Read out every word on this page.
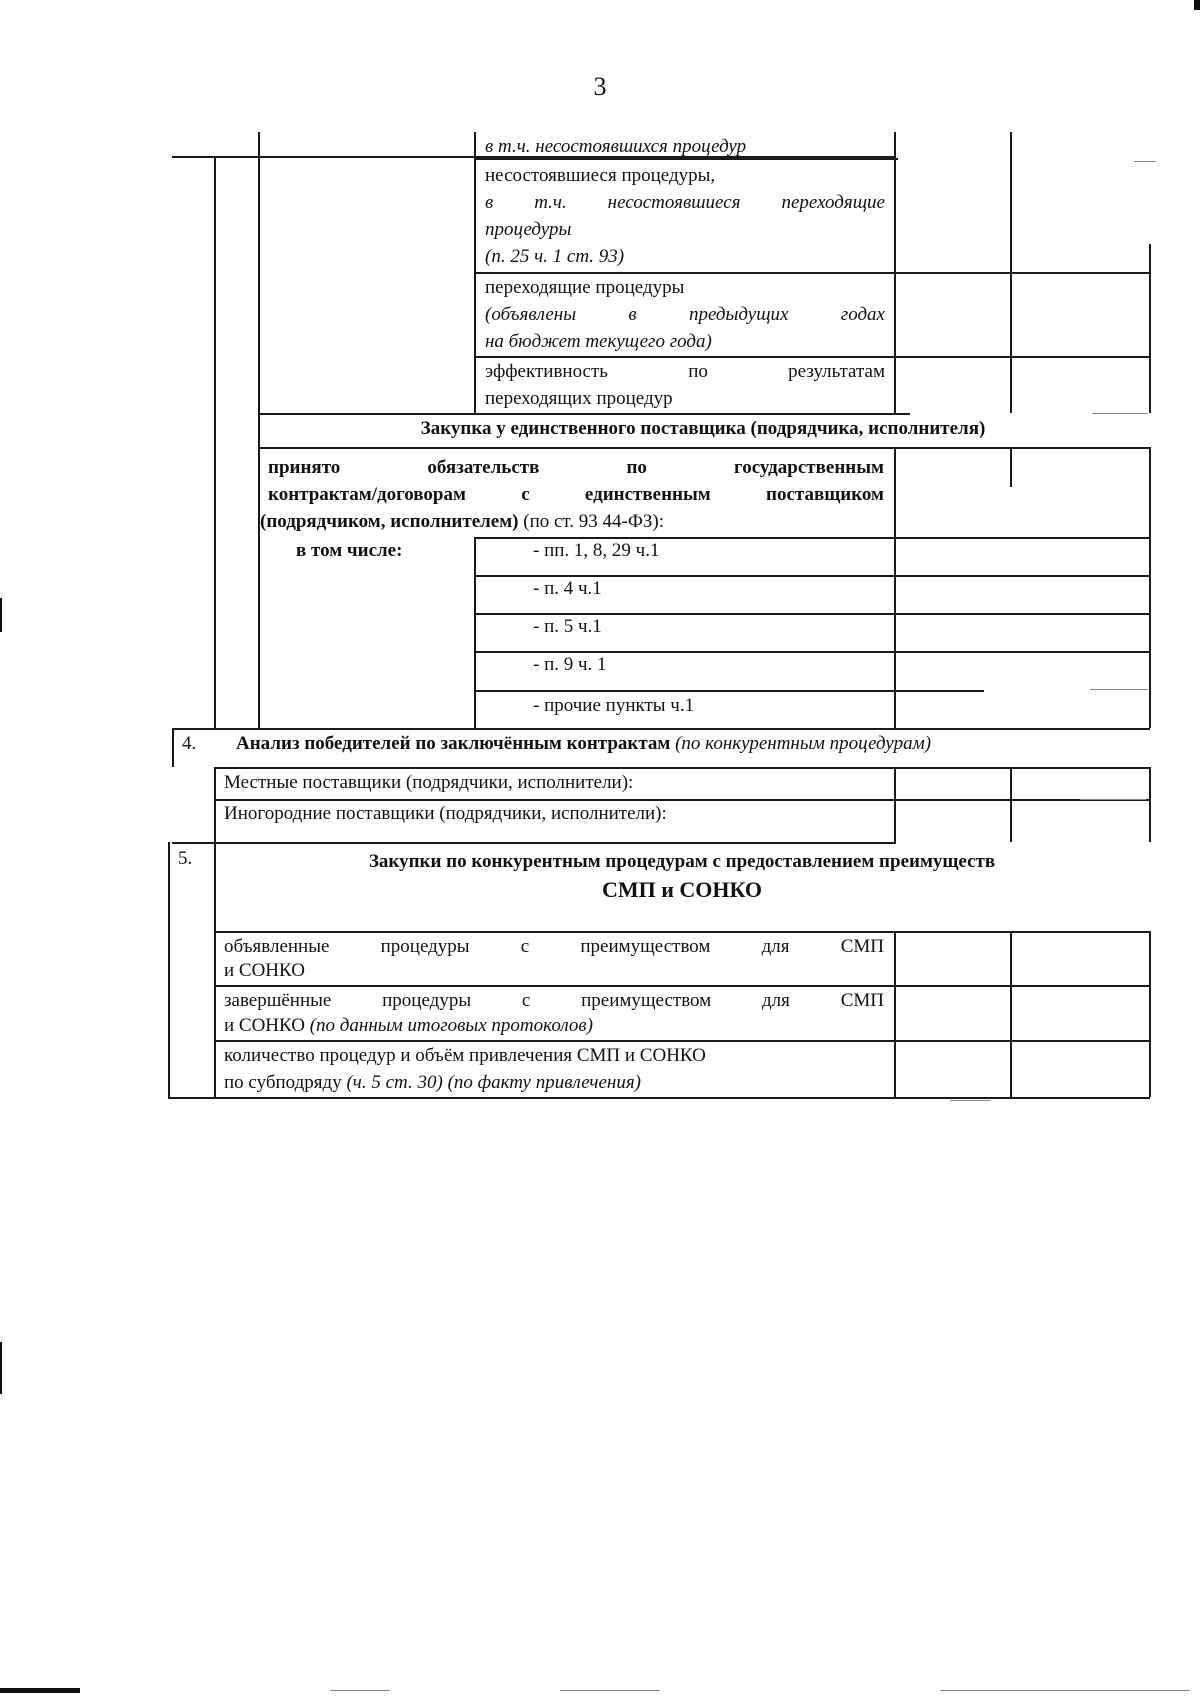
3
в т.ч. несостоявшихся процедур
несостоявшиеся процедуры,
в т.ч. несостоявшиеся переходящие
процедуры
(п. 25 ч. 1 ст. 93)
переходящие процедуры
(объявлены в предыдущих годах
на бюджет текущего года)
эффективность по результатам
переходящих процедур
Закупка у единственного поставщика (подрядчика, исполнителя)
принято обязательств по государственным
контрактам/договорам с единственным поставщиком
(подрядчиком, исполнителем) (по ст. 93 44-ФЗ):
в том числе:	- пп. 1, 8, 29 ч.1
- п. 4 ч.1
- п. 5 ч.1
- п. 9 ч. 1
- прочие пункты ч.1
4. Анализ победителей по заключённым контрактам (по конкурентным процедурам)
Местные поставщики (подрядчики, исполнители):
Иногородние поставщики (подрядчики, исполнители):
5.	Закупки по конкурентным процедурам с предоставлением преимуществ
СМП и СОНКО
объявленные процедуры с преимуществом для СМП
и СОНКО
завершённые процедуры с преимуществом для СМП
и СОНКО (по данным итоговых протоколов)
количество процедур и объём привлечения СМП и СОНКО
по субподряду (ч. 5 ст. 30) (по факту привлечения)
